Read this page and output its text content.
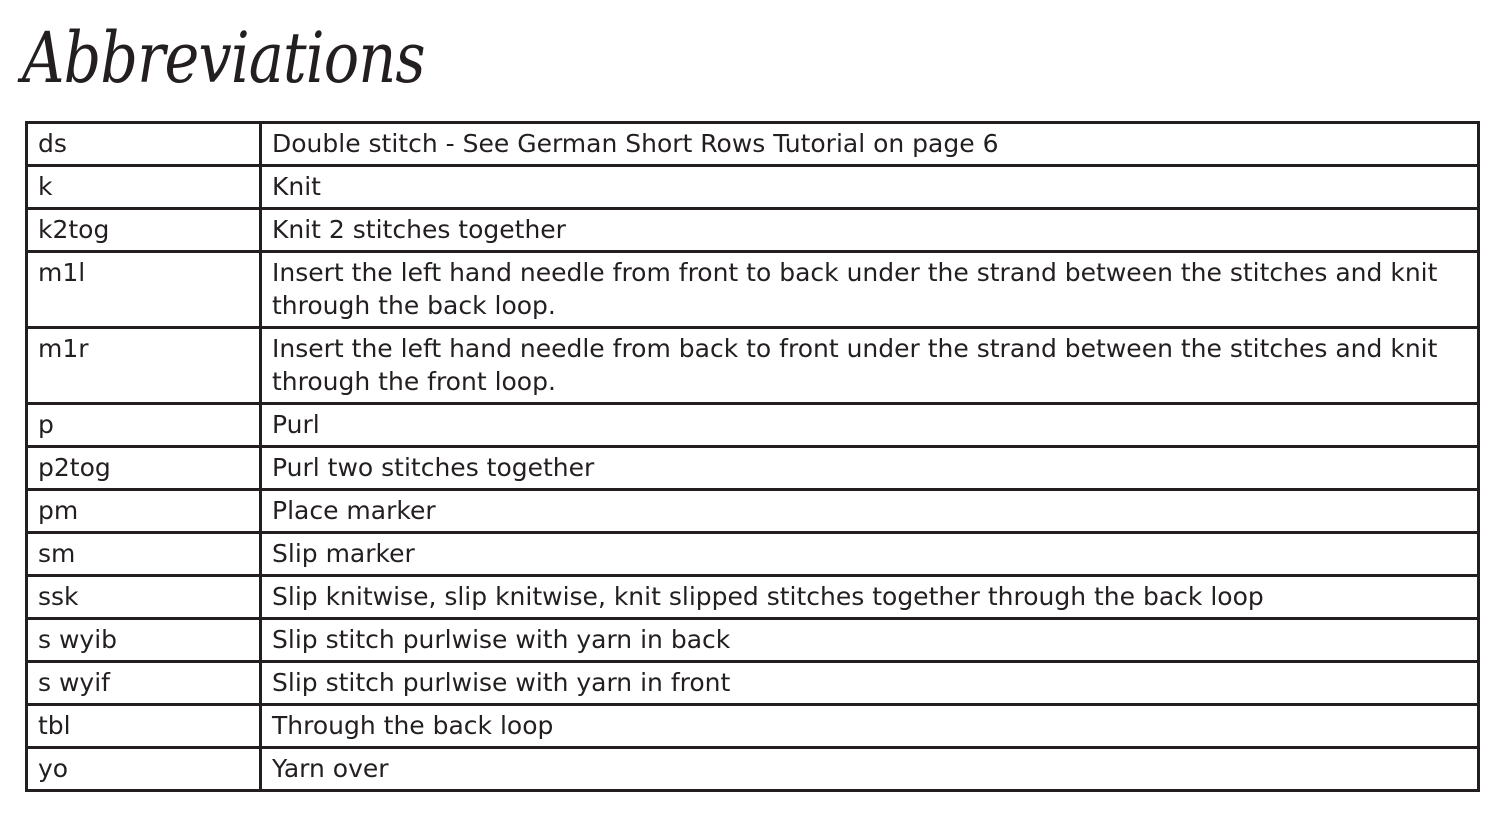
Abbreviations
ds	Double stitch - See German Short Rows Tutorial on page 6
k	Knit
k2tog	Knit 2 stitches together
m1l	Insert the left hand needle from front to back under the strand between the stitches and knit through the back loop.
m1r	Insert the left hand needle from back to front under the strand between the stitches and knit through the front loop.
p	Purl
p2tog	Purl two stitches together
pm	Place marker
sm	Slip marker
ssk	Slip knitwise, slip knitwise, knit slipped stitches together through the back loop
s wyib	Slip stitch purlwise with yarn in back
s wyif	Slip stitch purlwise with yarn in front
tbl	Through the back loop
yo	Yarn over
